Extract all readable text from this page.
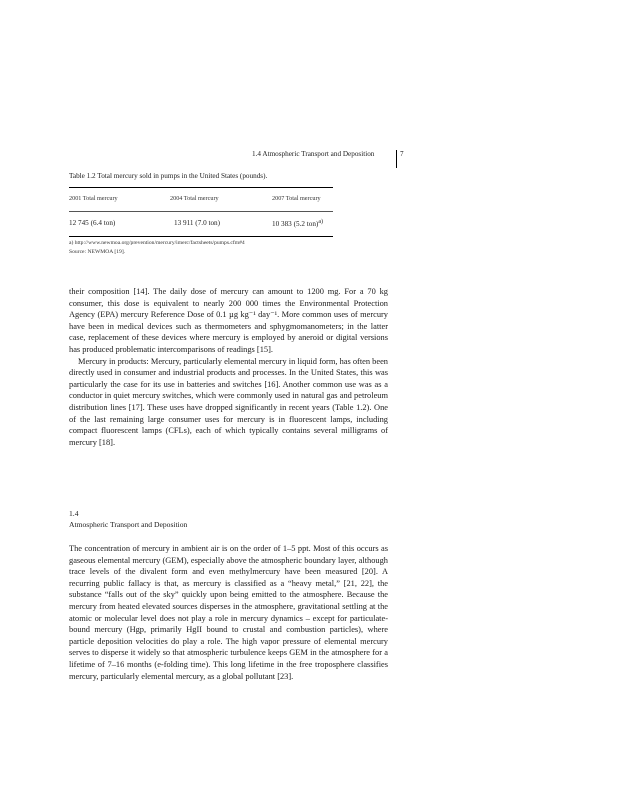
1.4 Atmospheric Transport and Deposition	7
Table 1.2 Total mercury sold in pumps in the United States (pounds).
2001 Total mercury	2004 Total mercury	2007 Total mercury
12 745 (6.4 ton)	13 911 (7.0 ton)	10 383 (5.2 ton)$^{a)}$
a) http://www.newmoa.org/prevention/mercury/imerc/factsheets/pumps.cfm#4
Source: NEWMOA [19].

their composition [14]. The daily dose of mercury can amount to 1200 mg. For a 70 kg consumer, this dose is equivalent to nearly 200 000 times the Environmental Protection Agency (EPA) mercury Reference Dose of 0.1 µg kg⁻¹ day⁻¹. More common uses of mercury have been in medical devices such as thermometers and sphygmomanometers; in the latter case, replacement of these devices where mercury is employed by aneroid or digital versions has produced problematic intercomparisons of readings [15].

Mercury in products: Mercury, particularly elemental mercury in liquid form, has often been directly used in consumer and industrial products and processes. In the United States, this was particularly the case for its use in batteries and switches [16]. Another common use was as a conductor in quiet mercury switches, which were commonly used in natural gas and petroleum distribution lines [17]. These uses have dropped significantly in recent years (Table 1.2). One of the last remaining large consumer uses for mercury is in fluorescent lamps, including compact fluorescent lamps (CFLs), each of which typically contains several milligrams of mercury [18].

1.4
Atmospheric Transport and Deposition

The concentration of mercury in ambient air is on the order of 1–5 ppt. Most of this occurs as gaseous elemental mercury (GEM), especially above the atmospheric boundary layer, although trace levels of the divalent form and even methylmercury have been measured [20]. A recurring public fallacy is that, as mercury is classified as a “heavy metal,” [21, 22], the substance “falls out of the sky” quickly upon being emitted to the atmosphere. Because the mercury from heated elevated sources disperses in the atmosphere, gravitational settling at the atomic or molecular level does not play a role in mercury dynamics – except for particulate-bound mercury (Hgp, primarily HgII bound to crustal and combustion particles), where particle deposition velocities do play a role. The high vapor pressure of elemental mercury serves to disperse it widely so that atmospheric turbulence keeps GEM in the atmosphere for a lifetime of 7–16 months (e-folding time). This long lifetime in the free troposphere classifies mercury, particularly elemental mercury, as a global pollutant [23].
